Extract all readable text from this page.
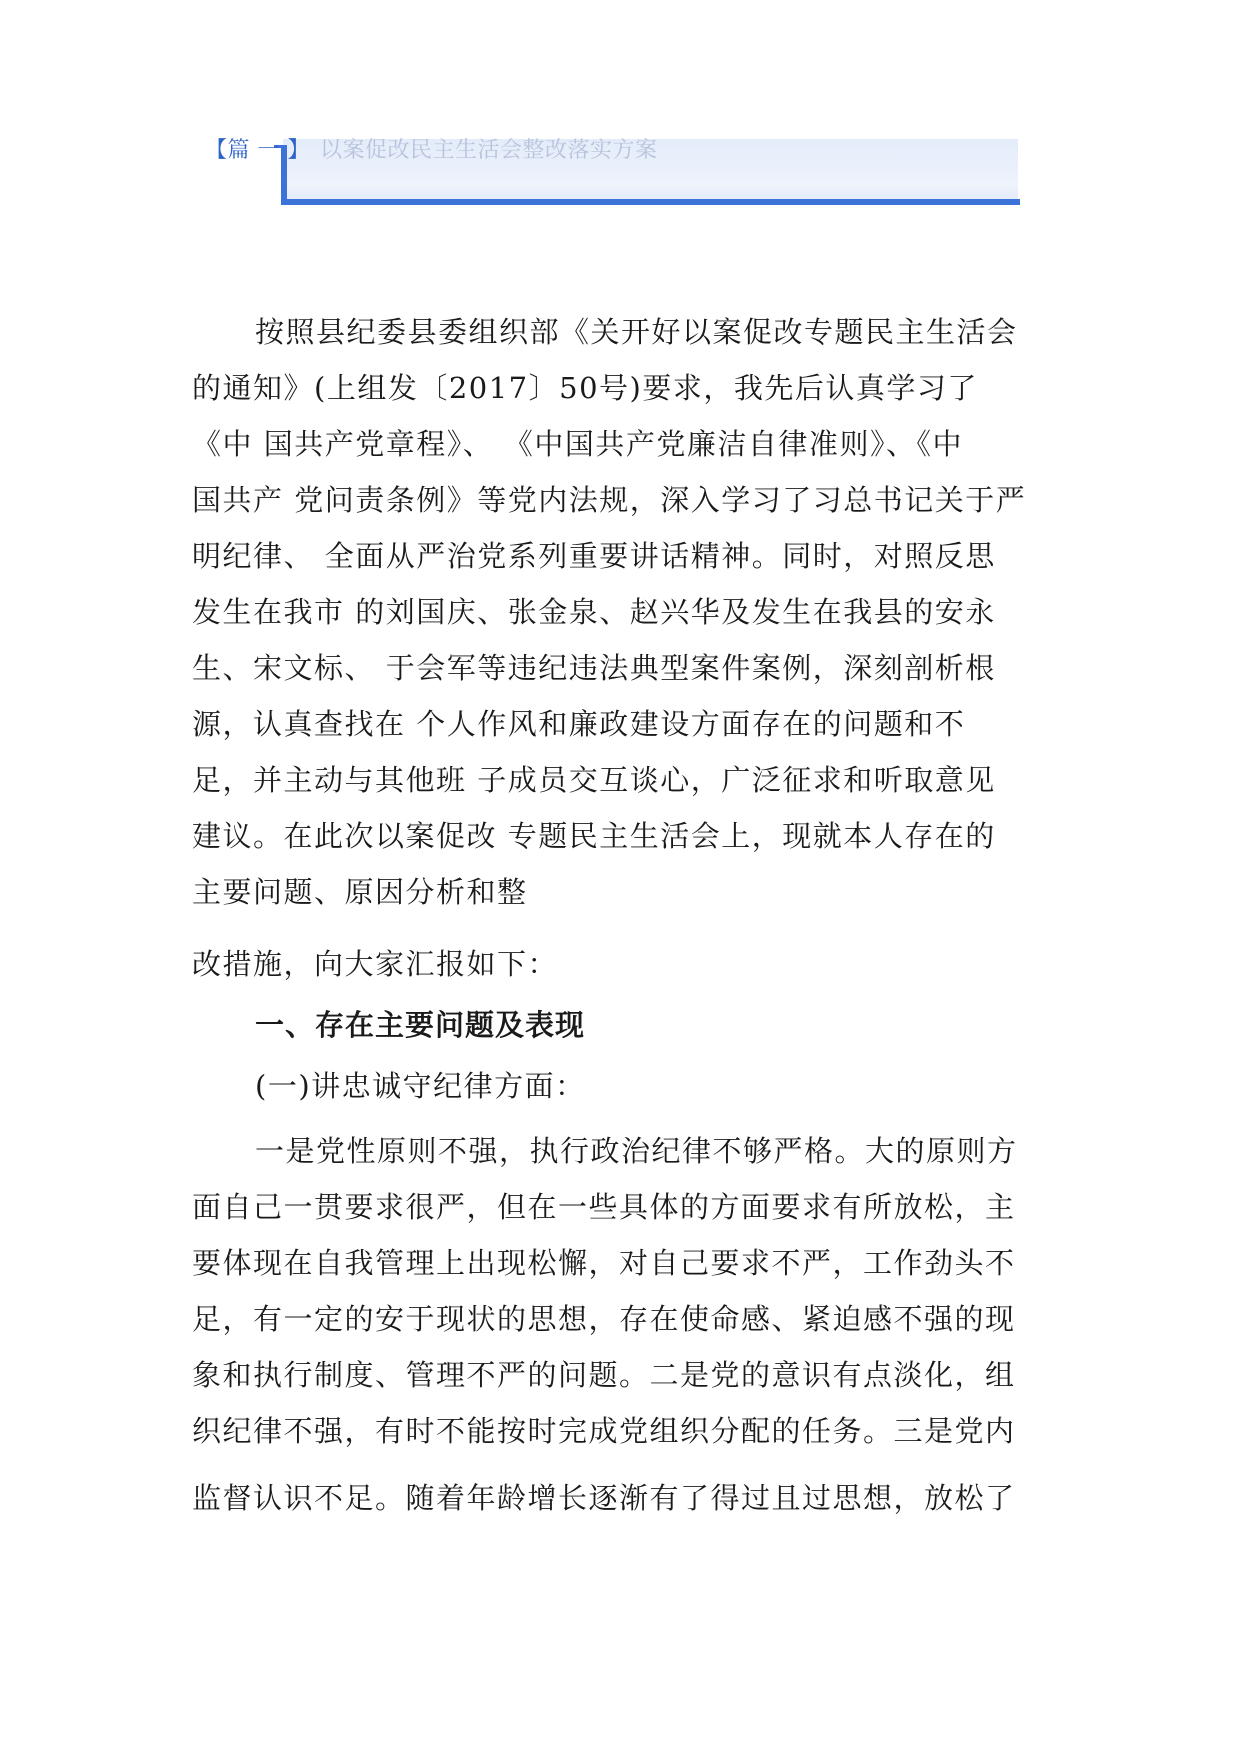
【篇 一 】 以案促改民主生活会整改落实方案

按照县纪委县委组织部《关开好以案促改专题民主生活会

的通知》(上组发〔2017〕50号)要求，我先后认真学习了

《中 国共产党章程》、 《中国共产党廉洁自律准则》、《中

国共产 党问责条例》等党内法规，深入学习了习总书记关于严

明纪律、 全面从严治党系列重要讲话精神。同时，对照反思

发生在我市 的刘国庆、张金泉、赵兴华及发生在我县的安永

生、宋文标、 于会军等违纪违法典型案件案例，深刻剖析根

源，认真查找在 个人作风和廉政建设方面存在的问题和不

足，并主动与其他班 子成员交互谈心，广泛征求和听取意见

建议。在此次以案促改 专题民主生活会上，现就本人存在的

主要问题、原因分析和整

改措施，向大家汇报如下：

一、存在主要问题及表现

(一)讲忠诚守纪律方面：

一是党性原则不强，执行政治纪律不够严格。大的原则方

面自己一贯要求很严，但在一些具体的方面要求有所放松，主

要体现在自我管理上出现松懈，对自己要求不严，工作劲头不

足，有一定的安于现状的思想，存在使命感、紧迫感不强的现

象和执行制度、管理不严的问题。二是党的意识有点淡化，组

织纪律不强，有时不能按时完成党组织分配的任务。三是党内

监督认识不足。随着年龄增长逐渐有了得过且过思想，放松了
